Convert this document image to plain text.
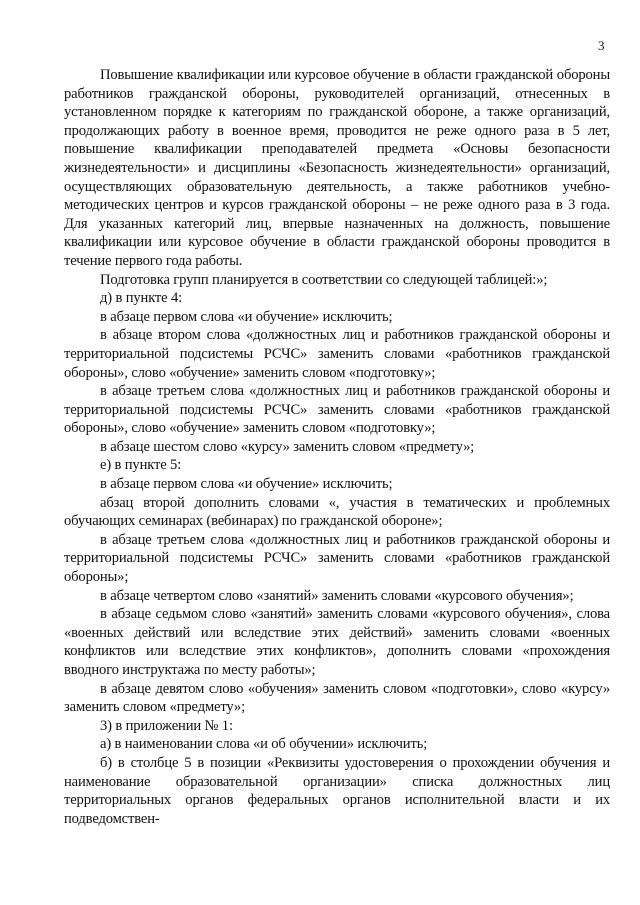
3

Повышение квалификации или курсовое обучение в области гражданской обороны работников гражданской обороны, руководителей организаций, отнесенных в установленном порядке к категориям по гражданской обороне, а также организаций, продолжающих работу в военное время, проводится не реже одного раза в 5 лет, повышение квалификации преподавателей предмета «Основы безопасности жизнедеятельности» и дисциплины «Безопасность жизнедеятельности» организаций, осуществляющих образовательную деятельность, а также работников учебно-методических центров и курсов гражданской обороны – не реже одного раза в 3 года. Для указанных категорий лиц, впервые назначенных на должность, повышение квалификации или курсовое обучение в области гражданской обороны проводится в течение первого года работы.

Подготовка групп планируется в соответствии со следующей таблицей:»;

д) в пункте 4:

в абзаце первом слова «и обучение» исключить;

в абзаце втором слова «должностных лиц и работников гражданской обороны и территориальной подсистемы РСЧС» заменить словами «работников гражданской обороны», слово «обучение» заменить словом «подготовку»;

в абзаце третьем слова «должностных лиц и работников гражданской обороны и территориальной подсистемы РСЧС» заменить словами «работников гражданской обороны», слово «обучение» заменить словом «подготовку»;

в абзаце шестом слово «курсу» заменить словом «предмету»;

е) в пункте 5:

в абзаце первом слова «и обучение» исключить;

абзац второй дополнить словами «, участия в тематических и проблемных обучающих семинарах (вебинарах) по гражданской обороне»;

в абзаце третьем слова «должностных лиц и работников гражданской обороны и территориальной подсистемы РСЧС» заменить словами «работников гражданской обороны»;

в абзаце четвертом слово «занятий» заменить словами «курсового обучения»;

в абзаце седьмом слово «занятий» заменить словами «курсового обучения», слова «военных действий или вследствие этих действий» заменить словами «военных конфликтов или вследствие этих конфликтов», дополнить словами «прохождения вводного инструктажа по месту работы»;

в абзаце девятом слово «обучения» заменить словом «подготовки», слово «курсу» заменить словом «предмету»;

3) в приложении № 1:

а) в наименовании слова «и об обучении» исключить;

б) в столбце 5 в позиции «Реквизиты удостоверения о прохождении обучения и наименование образовательной организации» списка должностных лиц территориальных органов федеральных органов исполнительной власти и их подведомствен-
